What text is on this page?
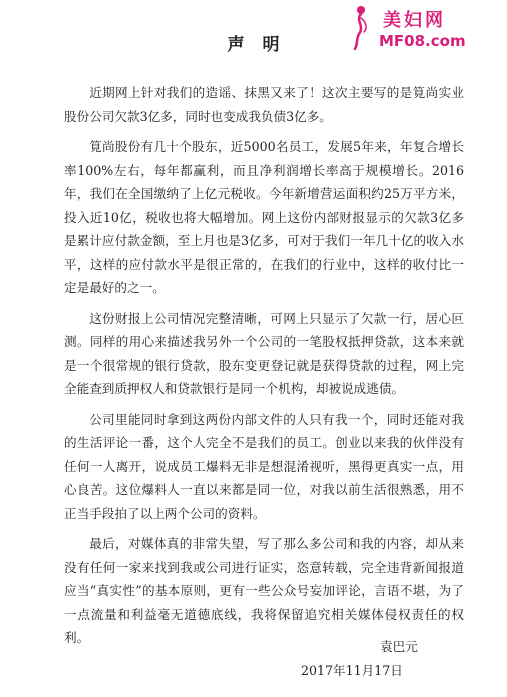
美妇网
MF08.com
声明

近期网上针对我们的造谣、抹黑又来了！这次主要写的是筧尚实业股份公司欠款3亿多，同时也变成我负债3亿多。

筧尚股份有几十个股东，近5000名员工，发展5年来，年复合增长率100%左右，每年都赢利，而且净利润增长率高于规模增长。2016年，我们在全国缴纳了上亿元税收。今年新增营运面积约25万平方米，投入近10亿，税收也将大幅增加。网上这份内部财报显示的欠款3亿多是累计应付款金额，至上月也是3亿多，可对于我们一年几十亿的收入水平，这样的应付款水平是很正常的，在我们的行业中，这样的收付比一定是最好的之一。

这份财报上公司情况完整清晰，可网上只显示了欠款一行，居心叵测。同样的用心来描述我另外一个公司的一笔股权抵押贷款，这本来就是一个很常规的银行贷款，股东变更登记就是获得贷款的过程，网上完全能查到质押权人和贷款银行是同一个机构，却被说成逃债。

公司里能同时拿到这两份内部文件的人只有我一个，同时还能对我的生活评论一番，这个人完全不是我们的员工。创业以来我的伙伴没有任何一人离开，说成员工爆料无非是想混淆视听，黑得更真实一点，用心良苦。这位爆料人一直以来都是同一位，对我以前生活很熟悉，用不正当手段拍了以上两个公司的资料。

最后，对媒体真的非常失望，写了那么多公司和我的内容，却从来没有任何一家来找到我或公司进行证实，恣意转载，完全违背新闻报道应当“真实性”的基本原则，更有一些公众号妄加评论，言语不堪，为了一点流量和利益毫无道德底线，我将保留追究相关媒体侵权责任的权利。

袁巴元
2017年11月17日
